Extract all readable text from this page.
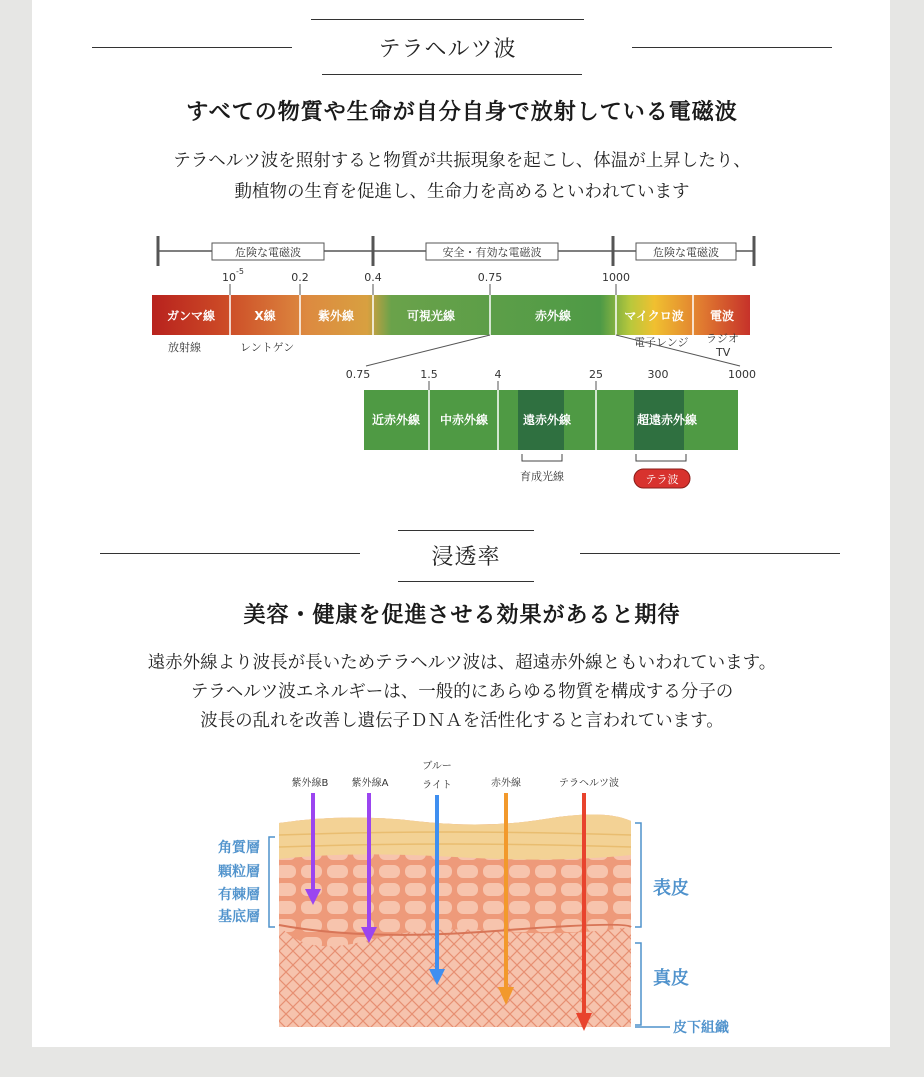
テラヘルツ波
すべての物質や生命が自分自身で放射している電磁波
テラヘルツ波を照射すると物質が共振現象を起こし、体温が上昇したり、
動植物の生育を促進し、生命力を高めるといわれています
危険な電磁波	安全・有効な電磁波	危険な電磁波
10 -5	0.2	0.4	0.75	1000
ガンマ線	X線	紫外線	可視光線	赤外線	マイクロ波 電波
放射線	レントゲン	電子レンジ ラジオ
TV
0.75	1.5	4	25	300	1000
近赤外線 中赤外線	遠赤外線	超遠赤外線
育成光線	テラ波
浸透率
美容・健康を促進させる効果があると期待
遠赤外線より波長が長いためテラヘルツ波は、超遠赤外線ともいわれています。
テラヘルツ波エネルギーは、一般的にあらゆる物質を構成する分子の
波長の乱れを改善し遺伝子ＤＮＡを活性化すると言われています。
紫外線B 紫外線A
ブルー
ライト	赤外線	テラヘルツ波
角質層
顆粒層
有棘層
基底層
表皮
真皮
皮下組織
